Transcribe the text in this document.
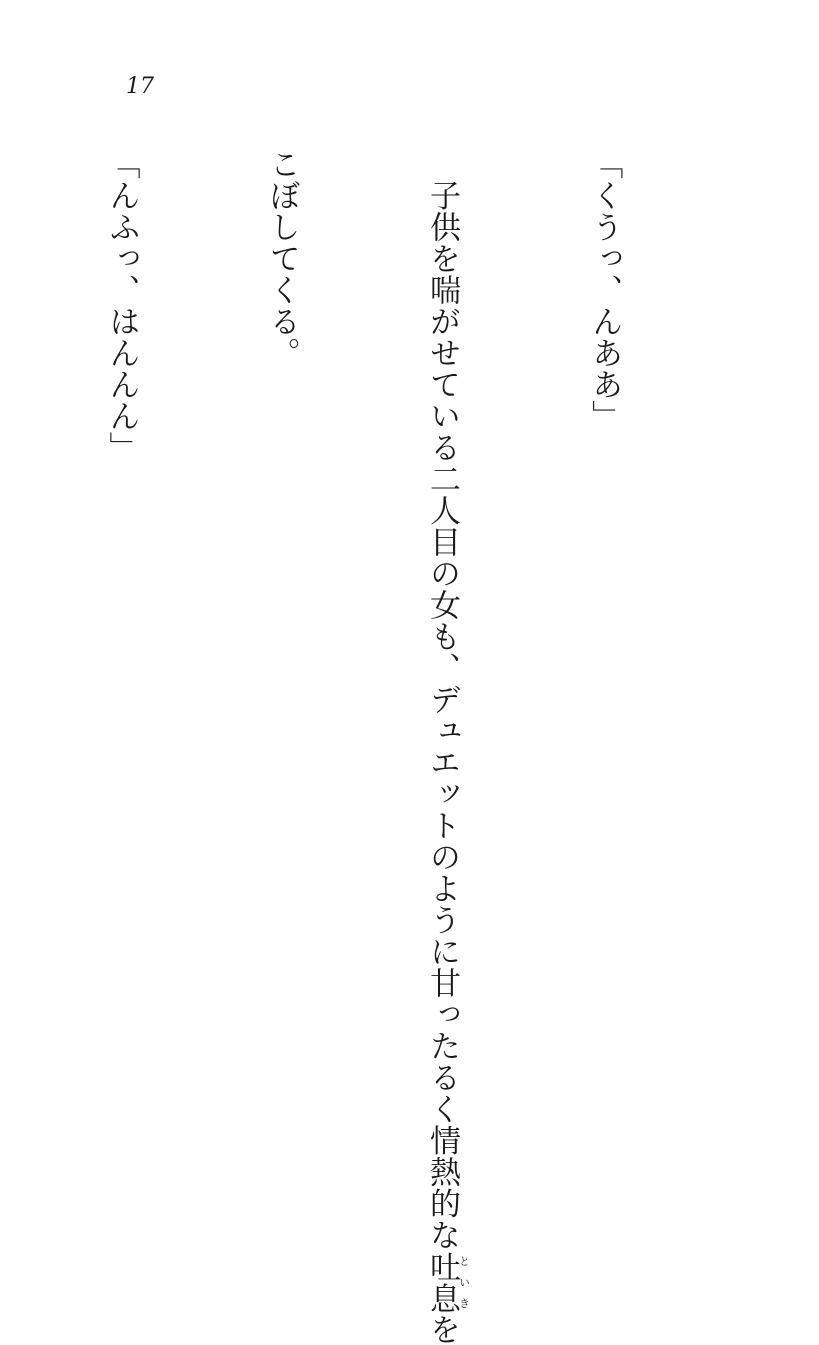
17

「くうっ、んああ」

　子供を喘がせている二人目の女も、デュエットのように甘ったるく情熱的な吐息といきを

こぼしてくる。

「んふっ、はんんん」
